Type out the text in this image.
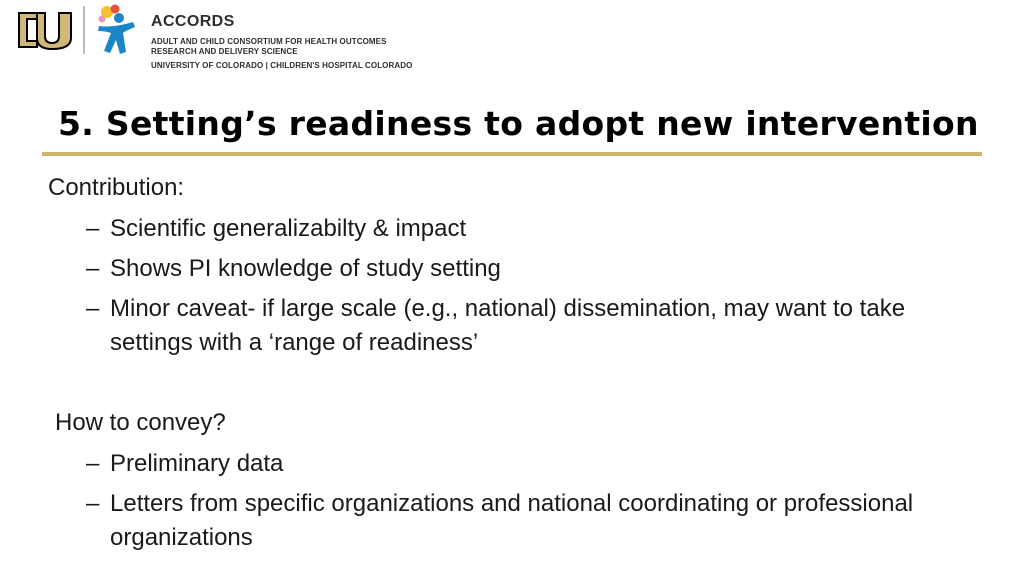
ACCORDS
ADULT AND CHILD CONSORTIUM FOR HEALTH OUTCOMES
RESEARCH AND DELIVERY SCIENCE
UNIVERSITY OF COLORADO | CHILDREN'S HOSPITAL COLORADO
5. Setting’s readiness to adopt new intervention

Contribution:

– Scientific generalizabilty & impact
– Shows PI knowledge of study setting
– Minor caveat- if large scale (e.g., national) dissemination, may want to take settings with a ‘range of readiness’

How to convey?

– Preliminary data
– Letters from specific organizations and national coordinating or professional organizations
